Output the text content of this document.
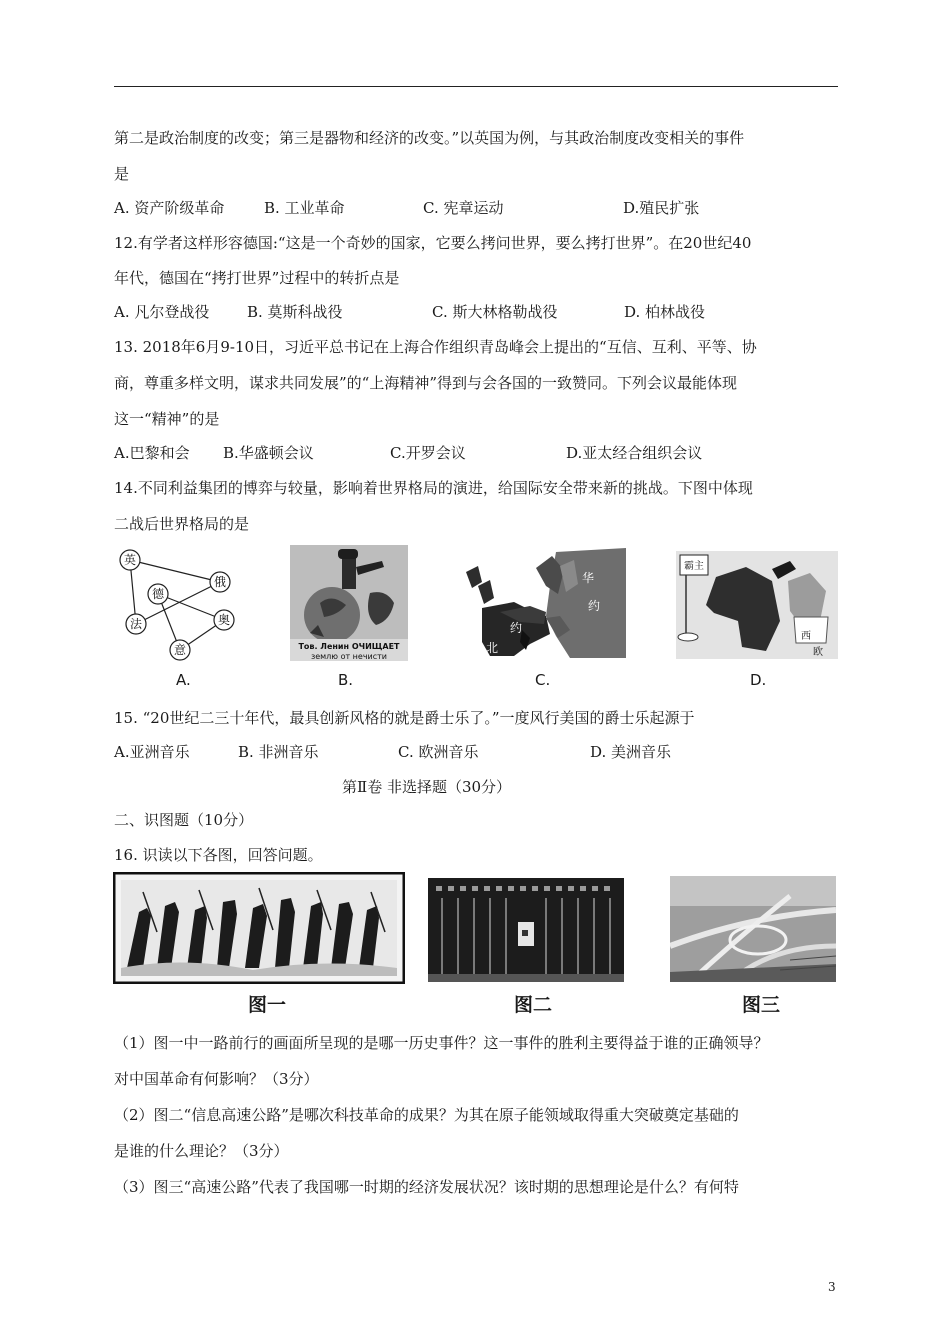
第二是政治制度的改变；第三是器物和经济的改变。”以英国为例，与其政治制度改变相关的事件
是
A. 资产阶级革命	B. 工业革命	C. 宪章运动	D.殖民扩张
12.有学者这样形容德国:“这是一个奇妙的国家，它要么拷问世界，要么拷打世界”。在20世纪40
年代，德国在“拷打世界”过程中的转折点是
A. 凡尔登战役	B. 莫斯科战役	C. 斯大林格勒战役	D. 柏林战役
13. 2018年6月9-10日，习近平总书记在上海合作组织青岛峰会上提出的“互信、互利、平等、协
商，尊重多样文明，谋求共同发展”的“上海精神”得到与会各国的一致赞同。下列会议最能体现
这一“精神”的是
A.巴黎和会 B.华盛顿会议	C.开罗会议	D.亚太经合组织会议
14.不同利益集团的博弈与较量，影响着世界格局的演进，给国际安全带来新的挑战。下图中体现
二战后世界格局的是
英
俄
德
法	奥
意	Тов. Ленин ОЧИЩАЕТ
землю от нечисти
华
约
约
北
霸主
西
欧
A.	B.	C.	D.
15. “20世纪二三十年代，最具创新风格的就是爵士乐了。”一度风行美国的爵士乐起源于
A.亚洲音乐	B. 非洲音乐	C. 欧洲音乐	D. 美洲音乐
第Ⅱ卷 非选择题（30分）
二、识图题（10分）
16. 识读以下各图，回答问题。
图一	图二	图三
（1）图一中一路前行的画面所呈现的是哪一历史事件？这一事件的胜利主要得益于谁的正确领导？
对中国革命有何影响？（3分）
（2）图二“信息高速公路”是哪次科技革命的成果？为其在原子能领域取得重大突破奠定基础的
是谁的什么理论？（3分）
（3）图三“高速公路”代表了我国哪一时期的经济发展状况？该时期的思想理论是什么？有何特
3
